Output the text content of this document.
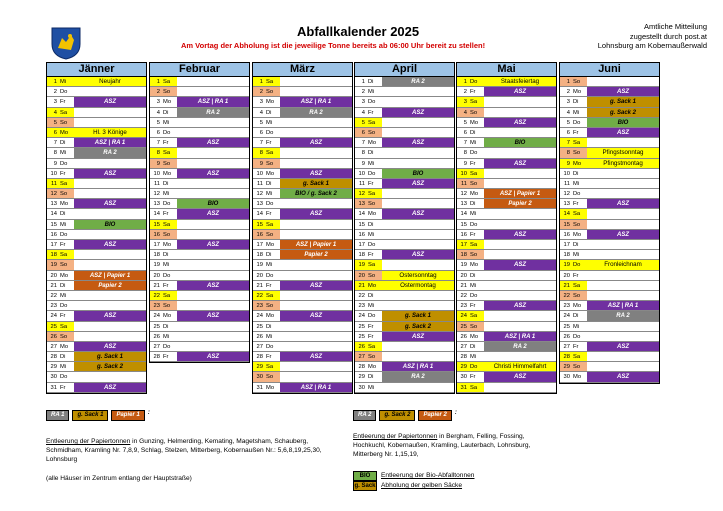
Abfallkalender 2025
Am Vortag der Abholung ist die jeweilige Tonne bereits ab 06:00 Uhr bereit zu stellen!
Amtliche Mitteilung
zugestellt durch post.at
Lohnsburg am Kobernaußerwald
Jänner
1 Mi	Neujahr
2 Do
3 Fr	ASZ
4 Sa
5 So
6 Mo	Hl. 3 Könige
7 Di	ASZ | RA 1
8 Mi	RA 2
9 Do
10 Fr	ASZ
11 Sa
12 So
13 Mo	ASZ
14 Di
15 Mi	BIO
16 Do
17 Fr	ASZ
18 Sa
19 So
20 Mo	ASZ | Papier 1
21 Di	Papier 2
22 Mi
23 Do
24 Fr	ASZ
25 Sa
26 So
27 Mo	ASZ
28 Di	g. Sack 1
29 Mi	g. Sack 2
30 Do
31 Fr	ASZ
Februar
1 Sa
2 So
3 Mo	ASZ | RA 1
4 Di	RA 2
5 Mi
6 Do
7 Fr	ASZ
8 Sa
9 So
10 Mo	ASZ
11 Di
12 Mi
13 Do	BIO
14 Fr	ASZ
15 Sa
16 So
17 Mo	ASZ
18 Di
19 Mi
20 Do
21 Fr	ASZ
22 Sa
23 So
24 Mo	ASZ
25 Di
26 Mi
27 Do
28 Fr	ASZ
März
1 Sa
2 So
3 Mo	ASZ | RA 1
4 Di	RA 2
5 Mi
6 Do
7 Fr	ASZ
8 Sa
9 So
10 Mo	ASZ
11 Di	g. Sack 1
12 Mi	BIO / g. Sack 2
13 Do
14 Fr	ASZ
15 Sa
16 So
17 Mo	ASZ | Papier 1
18 Di	Papier 2
19 Mi
20 Do
21 Fr	ASZ
22 Sa
23 So
24 Mo	ASZ
25 Di
26 Mi
27 Do
28 Fr	ASZ
29 Sa
30 So
31 Mo	ASZ | RA 1
April
1 Di	RA 2
2 Mi
3 Do
4 Fr	ASZ
5 Sa
6 So
7 Mo	ASZ
8 Di
9 Mi
10 Do	BIO
11 Fr	ASZ
12 Sa
13 So
14 Mo	ASZ
15 Di
16 Mi
17 Do
18 Fr	ASZ
19 Sa
20 So	Ostersonntag
21 Mo	Ostermontag
22 Di
23 Mi
24 Do	g. Sack 1
25 Fr	g. Sack 2
25 Fr	ASZ
26 Sa
27 So
28 Mo	ASZ | RA 1
29 Di	RA 2
30 Mi
Mai
1 Do	Staatsfeiertag
2 Fr	ASZ
3 Sa
4 So
5 Mo	ASZ
6 Di
7 Mi	BIO
8 Do
9 Fr	ASZ
10 Sa
11 So
12 Mo	ASZ | Papier 1
13 Di	Papier 2
14 Mi
15 Do
16 Fr	ASZ
17 Sa
18 So
19 Mo	ASZ
20 Di
21 Mi
22 Do
23 Fr	ASZ
24 Sa
25 So
26 Mo	ASZ | RA 1
27 Di	RA 2
28 Mi
29 Do	Christi Himmelfahrt
30 Fr	ASZ
31 Sa
Juni
1 So
2 Mo	ASZ
3 Di	g. Sack 1
4 Mi	g. Sack 2
5 Do	BIO
6 Fr	ASZ
7 Sa
8 So	Pfingstsonntag
9 Mo	Pfingstmontag
10 Di
11 Mi
12 Do
13 Fr	ASZ
14 Sa
15 So
16 Mo	ASZ
17 Di
18 Mi
19 Do	Fronleichnam
20 Fr
21 Sa
22 So
23 Mo	ASZ | RA 1
24 Di	RA 2
25 Mi
26 Do
27 Fr	ASZ
28 Sa
29 So
30 Mo	ASZ
RA 1	g. Sack 1	Papier 1	:	RA 2	g. Sack 2	Papier 2	:
Entleerung der Papiertonnen in Gunzing, Helmerding, Kemating, Magetsham, Schauberg, Schmidham, Kramling Nr. 7,8,9, Schlag, Stelzen, Mitterberg, Kobernaußen Nr.: 5,6,8,19,25,30, Lohnsburg
(alle Häuser im Zentrum entlang der Hauptstraße)
Entleerung der Papiertonnen in Bergham, Felling, Fossing, Hochkuchl, Kobernaußen, Kramling, Lauterbach, Lohnsburg, Mitterberg Nr. 1,15,19,
BIO	Entleerung der Bio-Abfalltonnen
g. Sack Abholung der gelben Säcke
